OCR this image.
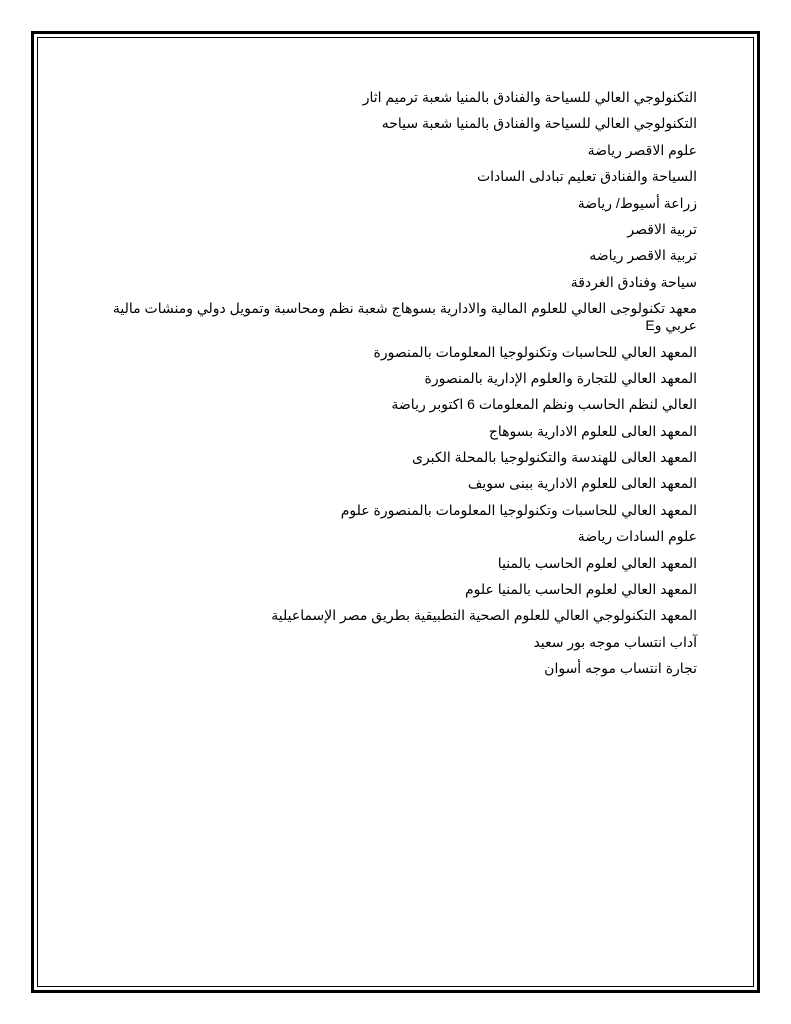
التكنولوجي العالي للسياحة والفنادق بالمنيا شعبة ترميم اثار
التكنولوجي العالي للسياحة والفنادق بالمنيا شعبة سياحه
علوم الاقصر رياضة
السياحة والفنادق تعليم تبادلى السادات
زراعة أسيوط/ رياضة
تربية الاقصر
تربية الاقصر رياضه
سياحة وفنادق الغردقة
معهد تكنولوجى العالي للعلوم المالية والادارية بسوهاج شعبة نظم ومحاسبة وتمويل دولي ومنشات مالية عربي وE
المعهد العالي للحاسبات وتكنولوجيا المعلومات بالمنصورة
المعهد العالي للتجارة والعلوم الإدارية بالمنصورة
العالي لنظم الحاسب ونظم المعلومات 6 اكتوبر رياضة
المعهد العالى للعلوم الادارية بسوهاج
المعهد العالى للهندسة والتكنولوجيا بالمحلة الكبرى
المعهد العالى للعلوم الادارية ببنى سويف
المعهد العالي للحاسبات وتكنولوجيا المعلومات بالمنصورة علوم
علوم السادات رياضة
المعهد العالي لعلوم الحاسب بالمنيا
المعهد العالي لعلوم الحاسب بالمنيا علوم
المعهد التكنولوجي العالي للعلوم الصحية التطبيقية بطريق مصر الإسماعيلية
آداب انتساب موجه بور سعيد
تجارة انتساب موجه أسوان
